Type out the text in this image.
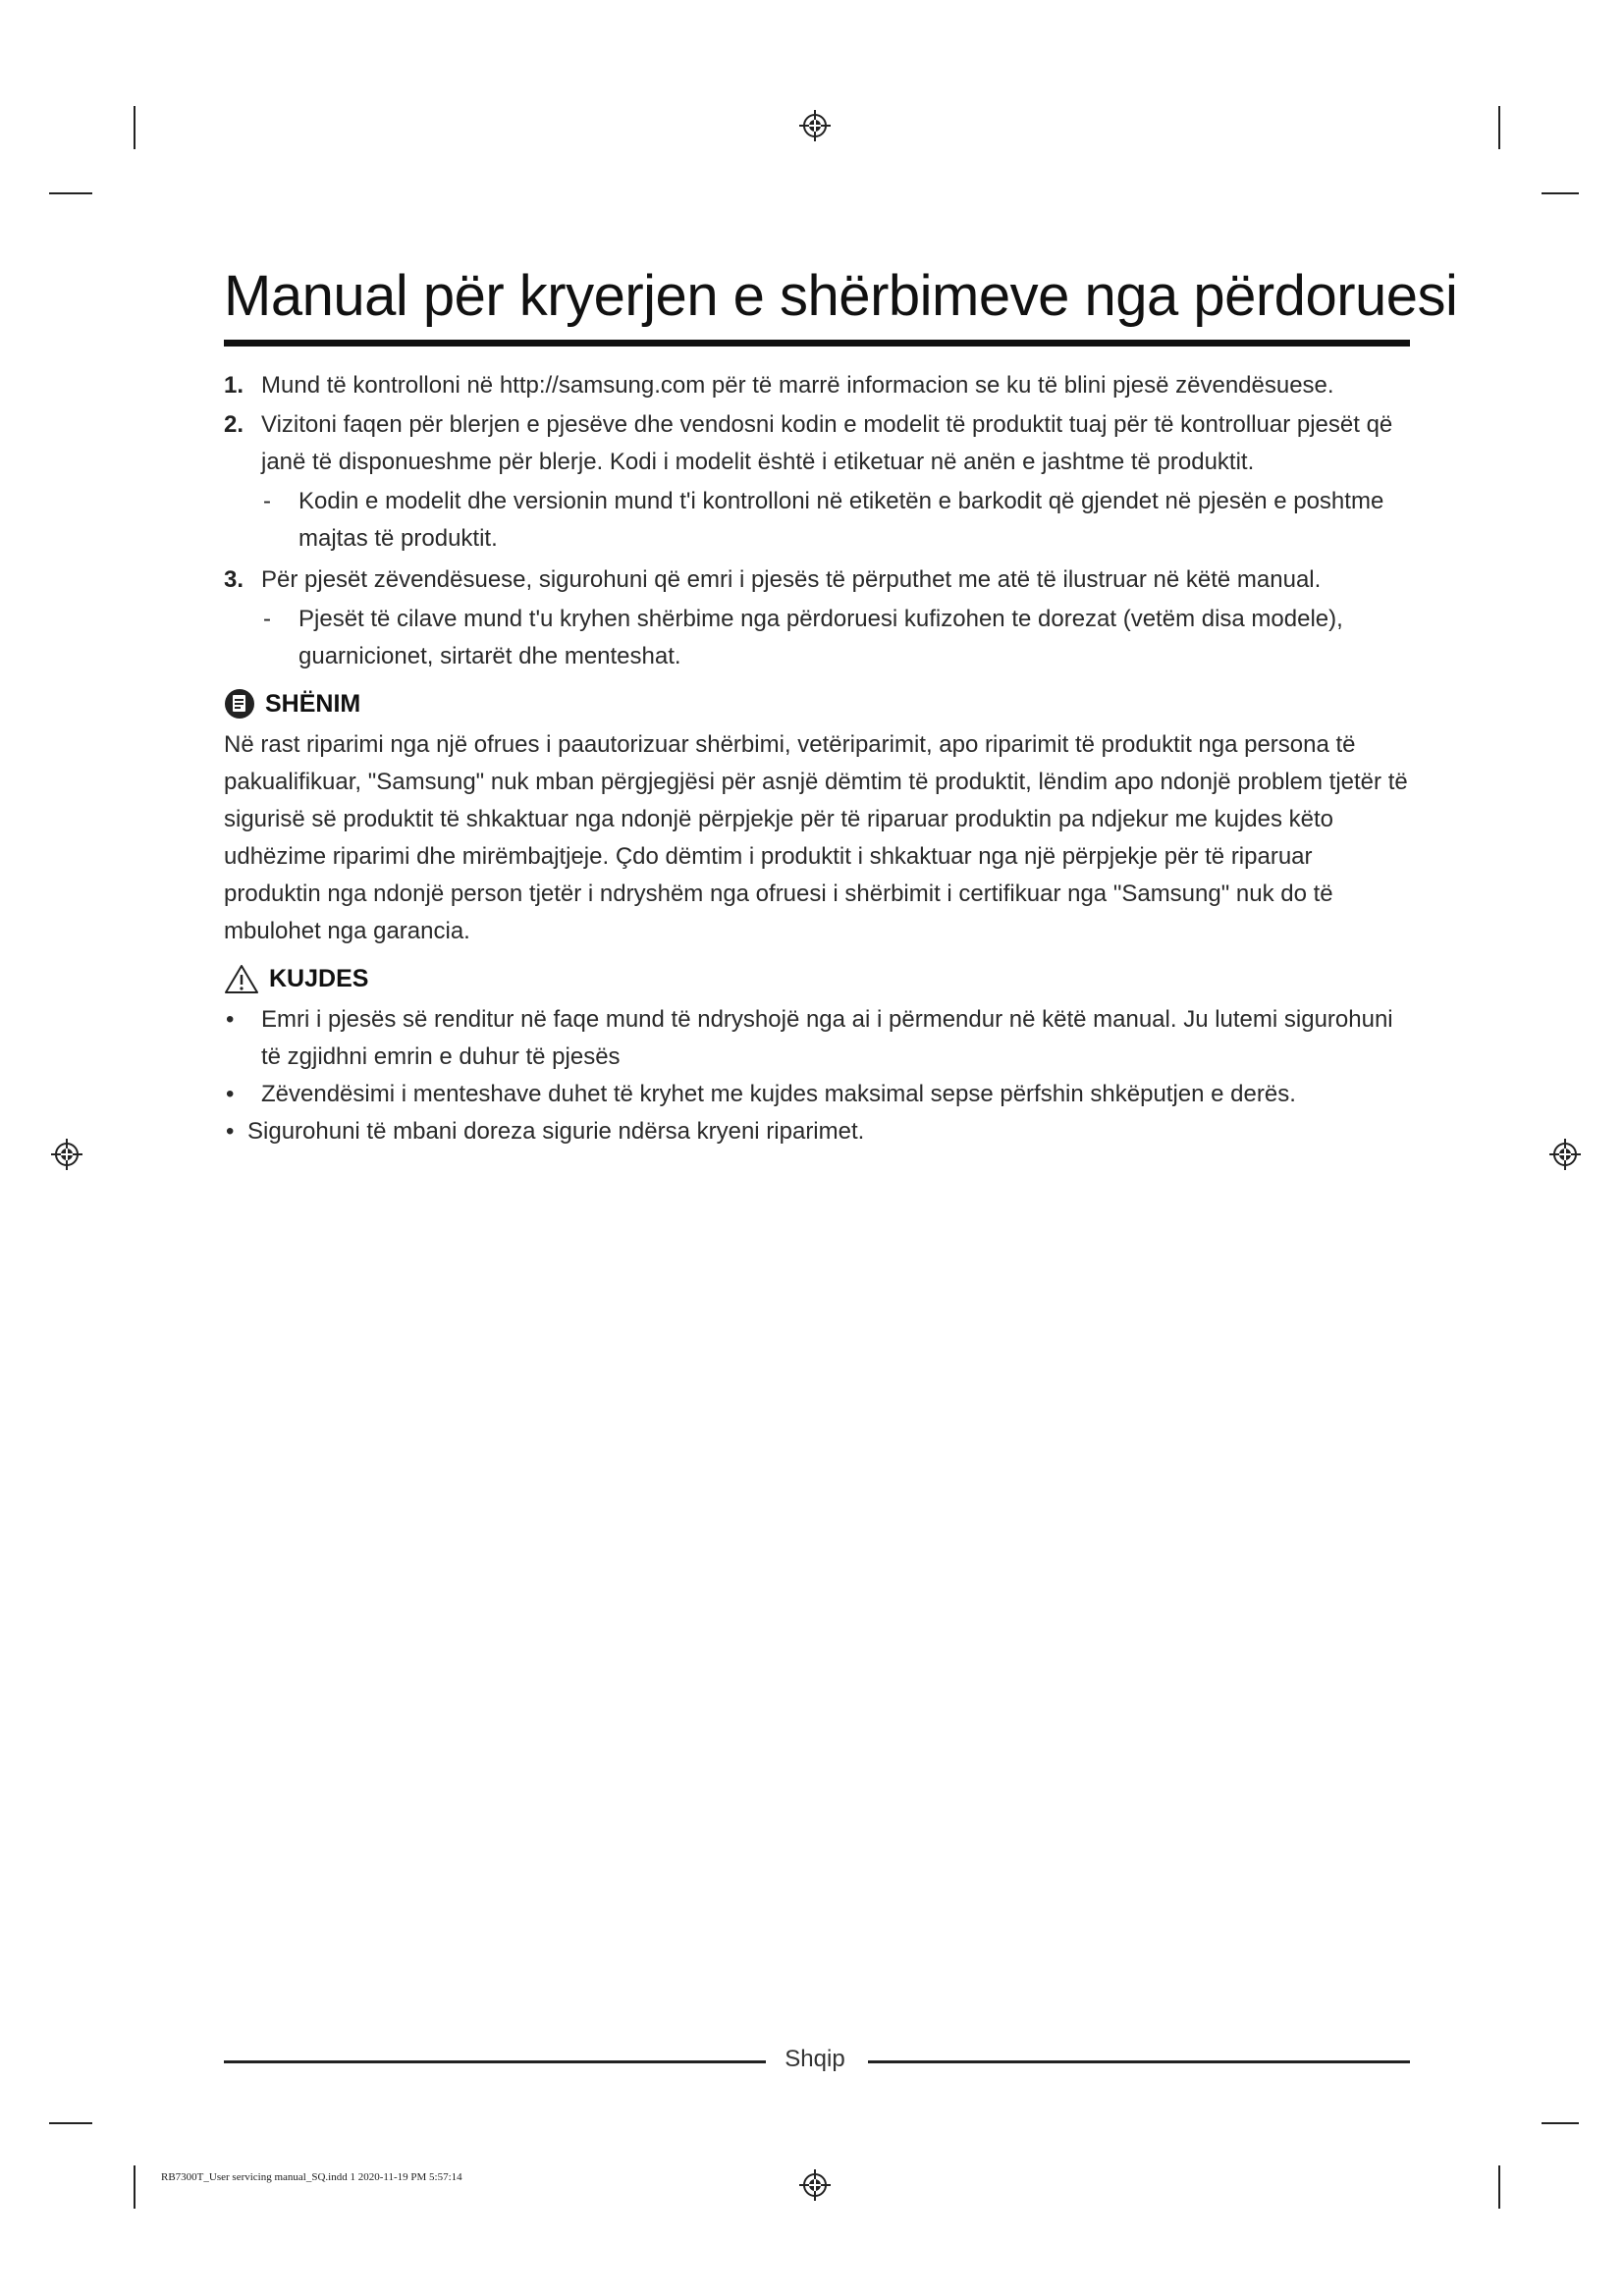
Manual për kryerjen e shërbimeve nga përdoruesi
1. Mund të kontrolloni në http://samsung.com për të marrë informacion se ku të blini pjesë zëvendësuese.
2. Vizitoni faqen për blerjen e pjesëve dhe vendosni kodin e modelit të produktit tuaj për të kontrolluar pjesët që janë të disponueshme për blerje. Kodi i modelit është i etiketuar në anën e jashtme të produktit.
- Kodin e modelit dhe versionin mund t'i kontrolloni në etiketën e barkodit që gjendet në pjesën e poshtme majtas të produktit.
3. Për pjesët zëvendësuese, sigurohuni që emri i pjesës të përputhet me atë të ilustruar në këtë manual.
- Pjesët të cilave mund t'u kryhen shërbime nga përdoruesi kufizohen te dorezat (vetëm disa modele), guarnicionet, sirtarët dhe menteshat.
SHËNIM

Në rast riparimi nga një ofrues i paautorizuar shërbimi, vetëriparimit, apo riparimit të produktit nga persona të pakualifikuar, "Samsung" nuk mban përgjegjësi për asnjë dëmtim të produktit, lëndim apo ndonjë problem tjetër të sigurisë së produktit të shkaktuar nga ndonjë përpjekje për të riparuar produktin pa ndjekur me kujdes këto udhëzime riparimi dhe mirëmbajtjeje. Çdo dëmtim i produktit i shkaktuar nga një përpjekje për të riparuar produktin nga ndonjë person tjetër i ndryshëm nga ofruesi i shërbimit i certifikuar nga "Samsung" nuk do të mbulohet nga garancia.

KUJDES
• Emri i pjesës së renditur në faqe mund të ndryshojë nga ai i përmendur në këtë manual. Ju lutemi sigurohuni të zgjidhni emrin e duhur të pjesës
• Zëvendësimi i menteshave duhet të kryhet me kujdes maksimal sepse përfshin shkëputjen e derës.
• Sigurohuni të mbani doreza sigurie ndërsa kryeni riparimet.
Shqip
RB7300T_User servicing manual_SQ.indd 1 2020-11-19 PM 5:57:14
